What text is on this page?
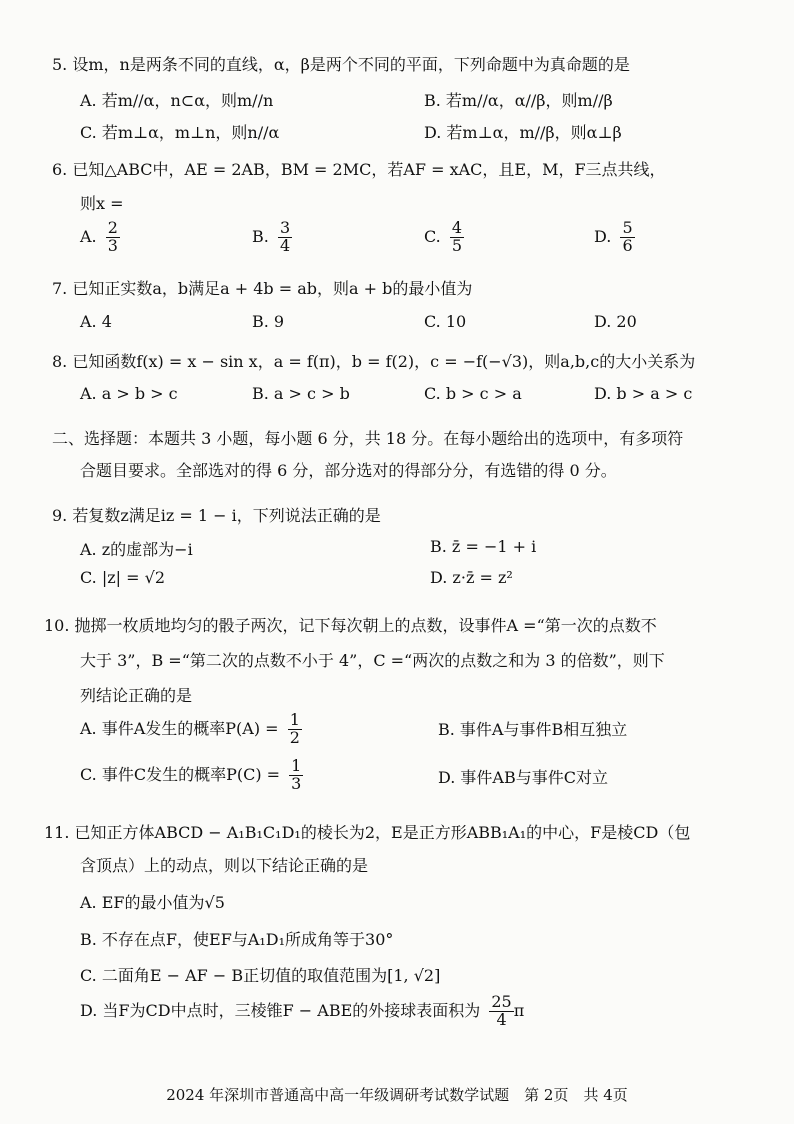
5. 设m，n是两条不同的直线，α，β是两个不同的平面，下列命题中为真命题的是
A. 若m//α，n⊂α，则m//n	B. 若m//α，α//β，则m//β
C. 若m⊥α，m⊥n，则n//α	D. 若m⊥α，m//β，则α⊥β
6. 已知△ABC中，AE = 2AB，BM = 2MC，若AF = xAC，且E，M，F三点共线，
则x =
A. $\frac{2}{3}$	B. $\frac{3}{4}$	C. $\frac{4}{5}$	D. $\frac{5}{6}$
7. 已知正实数a，b满足a + 4b = ab，则a + b的最小值为
A. 4	B. 9	C. 10	D. 20
8. 已知函数f(x) = x − sin x，a = f(π)，b = f(2)，c = −f(−√3)，则a,b,c的大小关系为
A. a > b > c	B. a > c > b	C. b > c > a	D. b > a > c
二、选择题：本题共 3 小题，每小题 6 分，共 18 分。在每小题给出的选项中，有多项符
合题目要求。全部选对的得 6 分，部分选对的得部分分，有选错的得 0 分。
9. 若复数z满足iz = 1 − i，下列说法正确的是
A. z的虚部为−i	B. z̄ = −1 + i
C. |z| = √2	D. z·z̄ = z²
10. 抛掷一枚质地均匀的骰子两次，记下每次朝上的点数，设事件A =“第一次的点数不
大于 3”，B =“第二次的点数不小于 4”，C =“两次的点数之和为 3 的倍数”，则下
列结论正确的是
A. 事件A发生的概率$P(A) = \frac{1}{2}$	B. 事件A与事件B相互独立
C. 事件C发生的概率$P(C) = \frac{1}{3}$	D. 事件AB与事件C对立
11. 已知正方体ABCD − A₁B₁C₁D₁的棱长为2，E是正方形ABB₁A₁的中心，F是棱CD（包
含顶点）上的动点，则以下结论正确的是
A. EF的最小值为√5
B. 不存在点F，使EF与A₁D₁所成角等于30°
C. 二面角E − AF − B正切值的取值范围为[1, √2]
D. 当F为CD中点时，三棱锥F − ABE的外接球表面积为 $\frac{25}{4}$ π
2024 年深圳市普通高中高一年级调研考试数学试题　第 2页　共 4页
